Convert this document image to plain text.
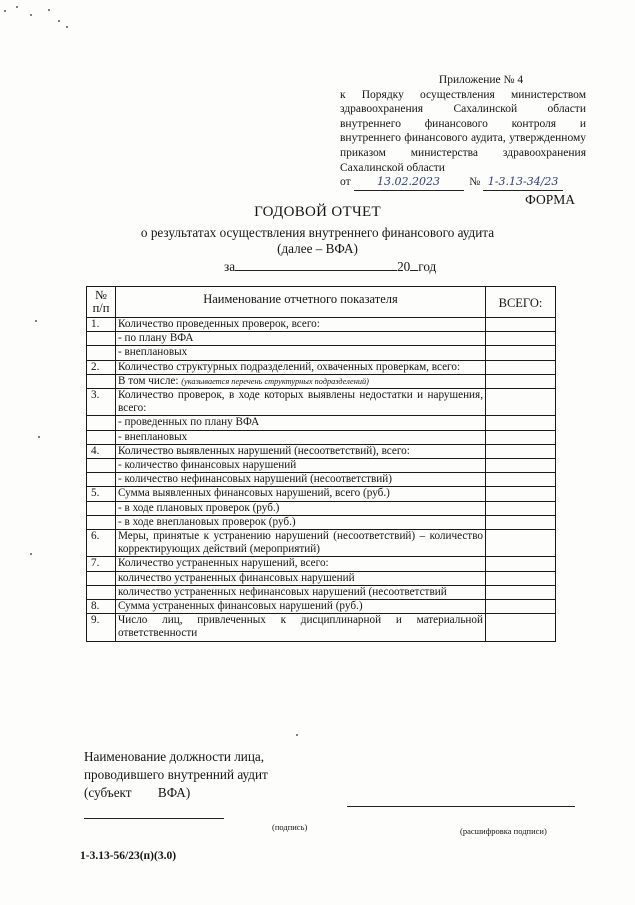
Приложение № 4
к Порядку осуществления министерством здравоохранения Сахалинской области внутреннего финансового контроля и внутреннего финансового аудита, утвержденному приказом министерства здравоохранения Сахалинской области
от 13.02.2023	№ 1-3.13-34/23
ФОРМА
ГОДОВОЙ ОТЧЕТ
о результатах осуществления внутреннего финансового аудита
(далее – ВФА)
за	20 год
№ п/п	Наименование отчетного показателя	ВСЕГО:
1.	Количество проведенных проверок, всего:	
	- по плану ВФА	
	- внеплановых	
2.	Количество структурных подразделений, охваченных проверкам, всего:	
	В том числе: (указывается перечень структурных подразделений)	
3.	Количество проверок, в ходе которых выявлены недостатки и нарушения, всего:	
	- проведенных по плану ВФА	
	- внеплановых	
4.	Количество выявленных нарушений (несоответствий), всего:	
	- количество финансовых нарушений	
	- количество нефинансовых нарушений (несоответствий)	
5.	Сумма выявленных финансовых нарушений, всего (руб.)	
	- в ходе плановых проверок (руб.)	
	- в ходе внеплановых проверок (руб.)	
6.	Меры, принятые к устранению нарушений (несоответствий) – количество корректирующих действий (мероприятий)	
7.	Количество устраненных нарушений, всего:	
	количество устраненных финансовых нарушений	
	количество устраненных нефинансовых нарушений (несоответствий	
8.	Сумма устраненных финансовых нарушений (руб.)	
9.	Число лиц, привлеченных к дисциплинарной и материальной ответственности	
Наименование должности лица,
проводившего внутренний аудит
(субъект        ВФА)
(подпись)	(расшифровка подписи)
1-3.13-56/23(п)(3.0)
